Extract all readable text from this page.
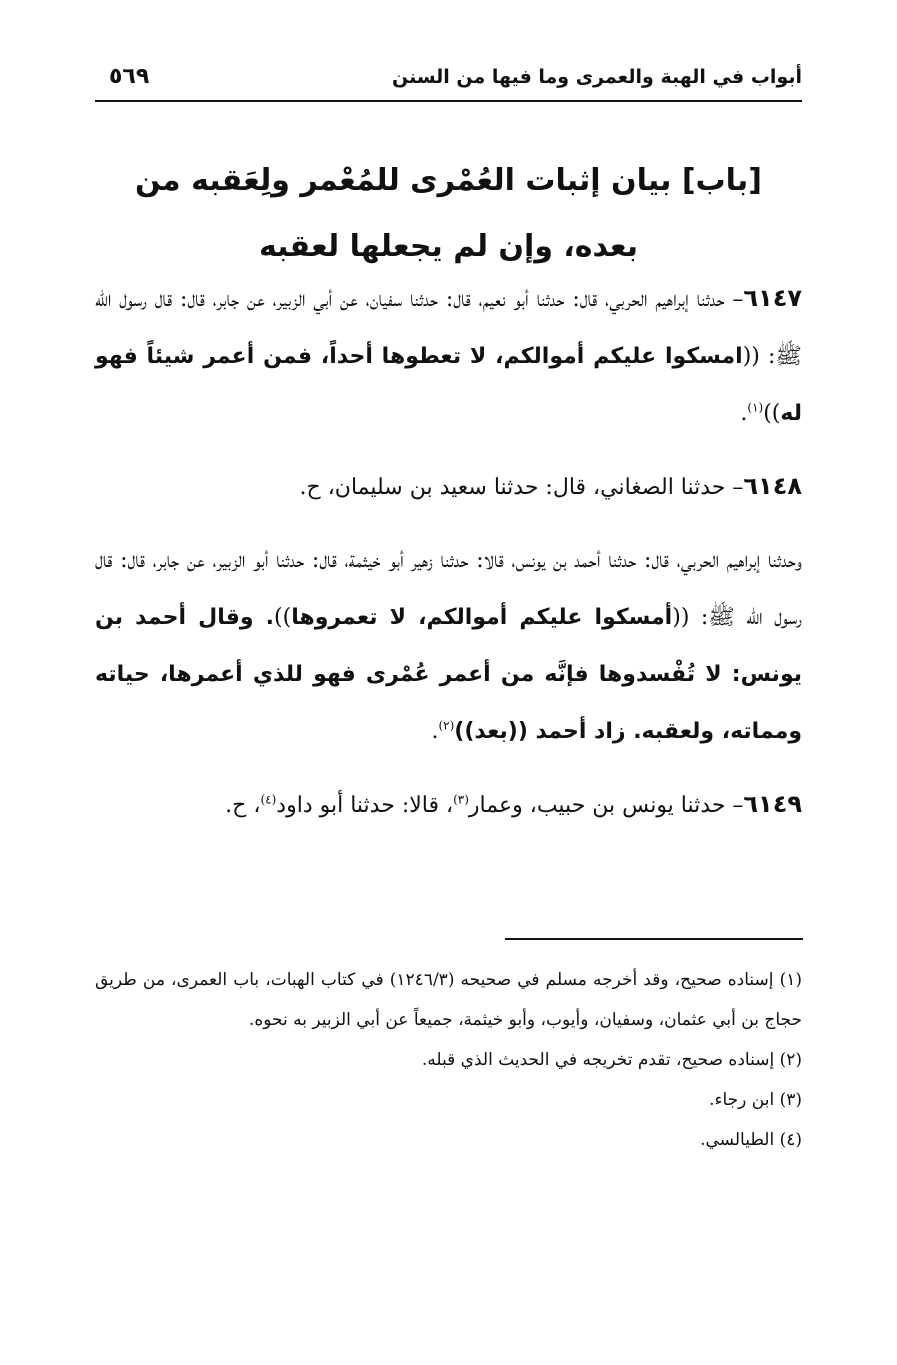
أبواب في الهبة والعمرى وما فيها من السنن
٥٦٩
[باب] بيان إثبات العُمْرى للمُعْمر ولِعَقبه من بعده، وإن لم يجعلها لعقبه

٦١٤٧– حدثنا إبراهيم الحربي، قال: حدثنا أبو نعيم، قال: حدثنا سفيان، عن أبي الزبير، عن جابر، قال: قال رسول الله ﷺ: ((امسكوا عليكم أموالكم، لا تعطوها أحداً، فمن أعمر شيئاً فهو له))$^{(١)}$.

٦١٤٨– حدثنا الصغاني، قال: حدثنا سعيد بن سليمان، ح.

وحدثنا إبراهيم الحربي، قال: حدثنا أحمد بن يونس، قالا: حدثنا زهير أبو خيثمة، قال: حدثنا أبو الزبير، عن جابر، قال: قال رسول الله ﷺ: ((أمسكوا عليكم أموالكم، لا تعمروها)). وقال أحمد بن يونس: لا تُفْسدوها فإنَّه من أعمر عُمْرى فهو للذي أعمرها، حياته ومماته، ولعقبه. زاد أحمد ((بعد))$^{(٢)}$.

٦١٤٩– حدثنا يونس بن حبيب، وعمار$^{(٣)}$، قالا: حدثنا أبو داود$^{(٤)}$، ح.

(١) إسناده صحيح، وقد أخرجه مسلم في صحيحه (١٢٤٦/٣) في كتاب الهبات، باب العمرى، من طريق حجاج بن أبي عثمان، وسفيان، وأيوب، وأبو خيثمة، جميعاً عن أبي الزبير به نحوه.

(٢) إسناده صحيح، تقدم تخريجه في الحديث الذي قبله.

(٣) ابن رجاء.

(٤) الطيالسي.
